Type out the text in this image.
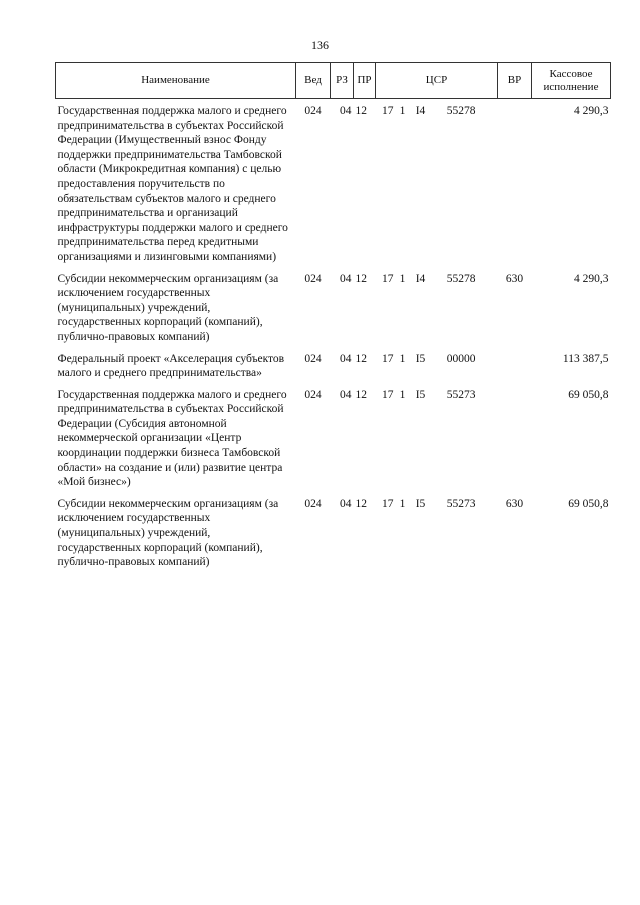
136
Наименование	Вед	РЗ	ПР	ЦСР	ВР	Кассовое исполнение
Государственная поддержка малого и среднего предпринимательства в субъектах Российской Федерации (Имущественный взнос Фонду поддержки предпринимательства Тамбовской области (Микрокредитная компания) с целью предоставления поручительств по обязательствам субъектов малого и среднего предпринимательства и организаций инфраструктуры поддержки малого и среднего предпринимательства перед кредитными организациями и лизинговыми компаниями)	024	04	12	17 1 I4 55278		4 290,3
Субсидии некоммерческим организациям (за исключением государственных (муниципальных) учреждений, государственных корпораций (компаний), публично-правовых компаний)	024	04	12	17 1 I4 55278	630	4 290,3
Федеральный проект «Акселерация субъектов малого и среднего предпринимательства»	024	04	12	17 1 I5 00000		113 387,5
Государственная поддержка малого и среднего предпринимательства в субъектах Российской Федерации (Субсидия автономной некоммерческой организации «Центр координации поддержки бизнеса Тамбовской области» на создание и (или) развитие центра «Мой бизнес»)	024	04	12	17 1 I5 55273		69 050,8
Субсидии некоммерческим организациям (за исключением государственных (муниципальных) учреждений, государственных корпораций (компаний), публично-правовых компаний)	024	04	12	17 1 I5 55273	630	69 050,8
